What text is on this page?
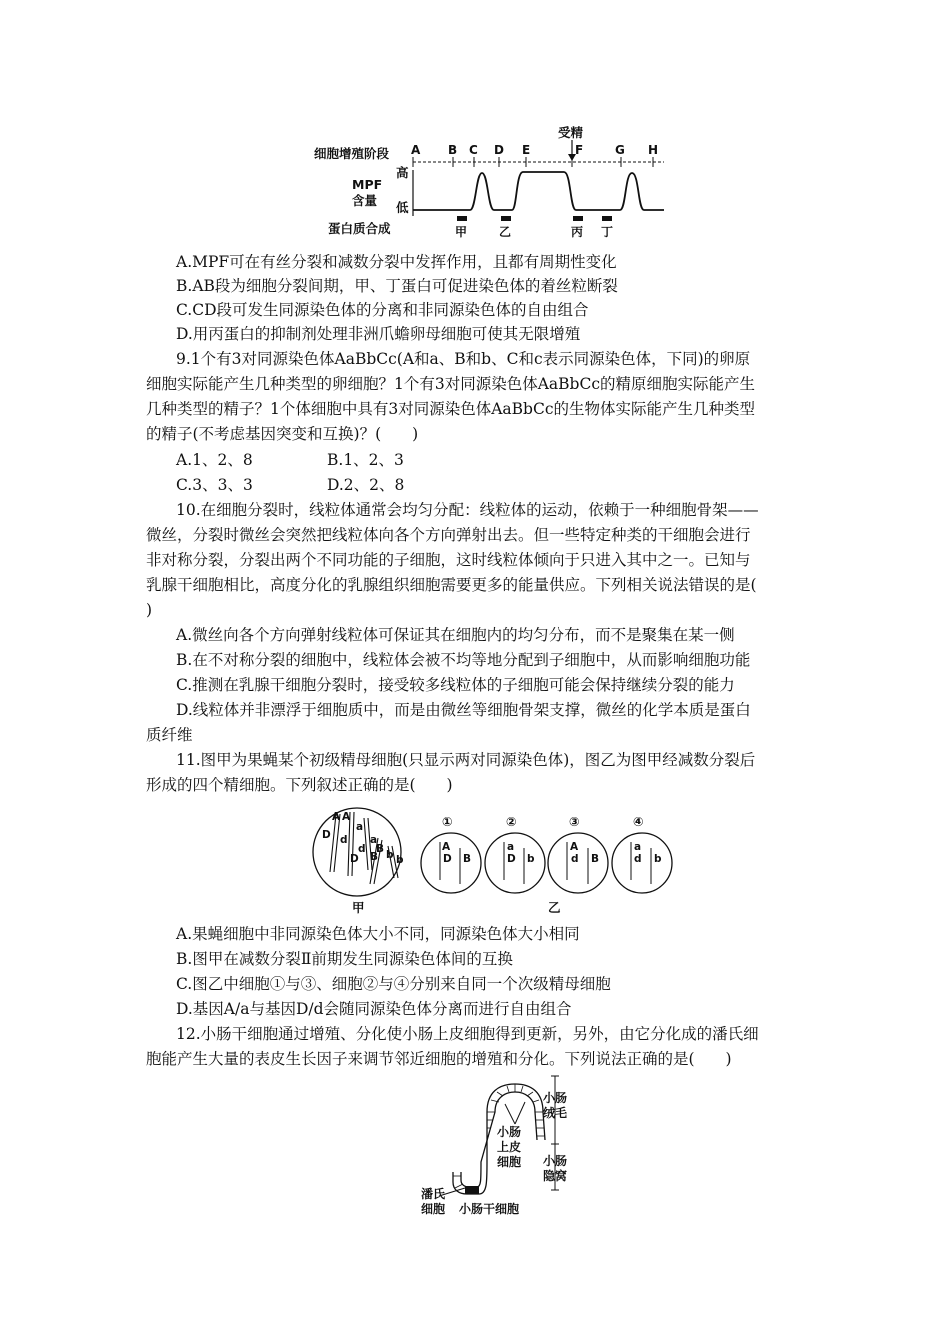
细胞增殖阶段
MPF
含量
蛋白质合成
高
低
受精
A B C D E	F	G H
甲	乙	丙 丁
A.MPF可在有丝分裂和减数分裂中发挥作用，且都有周期性变化
B.AB段为细胞分裂间期，甲、丁蛋白可促进染色体的着丝粒断裂
C.CD段可发生同源染色体的分离和非同源染色体的自由组合
D.用丙蛋白的抑制剂处理非洲爪蟾卵母细胞可使其无限增殖
9.1个有3对同源染色体AaBbCc(A和a、B和b、C和c表示同源染色体，下同)的卵原
细胞实际能产生几种类型的卵细胞？1个有3对同源染色体AaBbCc的精原细胞实际能产生
几种类型的精子？1个体细胞中具有3对同源染色体AaBbCc的生物体实际能产生几种类型
的精子(不考虑基因突变和互换)？(　　)
A.1、2、8	B.1、2、3
C.3、3、3	D.2、2、8
10.在细胞分裂时，线粒体通常会均匀分配：线粒体的运动，依赖于一种细胞骨架——
微丝，分裂时微丝会突然把线粒体向各个方向弹射出去。但一些特定种类的干细胞会进行
非对称分裂，分裂出两个不同功能的子细胞，这时线粒体倾向于只进入其中之一。已知与
乳腺干细胞相比，高度分化的乳腺组织细胞需要更多的能量供应。下列相关说法错误的是(
)
A.微丝向各个方向弹射线粒体可保证其在细胞内的均匀分布，而不是聚集在某一侧
B.在不对称分裂的细胞中，线粒体会被不均等地分配到子细胞中，从而影响细胞功能
C.推测在乳腺干细胞分裂时，接受较多线粒体的子细胞可能会保持继续分裂的能力
D.线粒体并非漂浮于细胞质中，而是由微丝等细胞骨架支撑，微丝的化学本质是蛋白
质纤维
11.图甲为果蝇某个初级精母细胞(只显示两对同源染色体)，图乙为图甲经减数分裂后
形成的四个精细胞。下列叙述正确的是(　　)
A A
a
a
D d
d
B
B b b
D
甲
①
A
D B
②
a
D b
③
A
d B
④
a
d b
乙
A.果蝇细胞中非同源染色体大小不同，同源染色体大小相同
B.图甲在减数分裂Ⅱ前期发生同源染色体间的互换
C.图乙中细胞①与③、细胞②与④分别来自同一个次级精母细胞
D.基因A/a与基因D/d会随同源染色体分离而进行自由组合
12.小肠干细胞通过增殖、分化使小肠上皮细胞得到更新，另外，由它分化成的潘氏细
胞能产生大量的表皮生长因子来调节邻近细胞的增殖和分化。下列说法正确的是(　　)
小肠
上皮
细胞
小肠
绒毛
小肠
隐窝
潘氏
细胞 小肠干细胞
